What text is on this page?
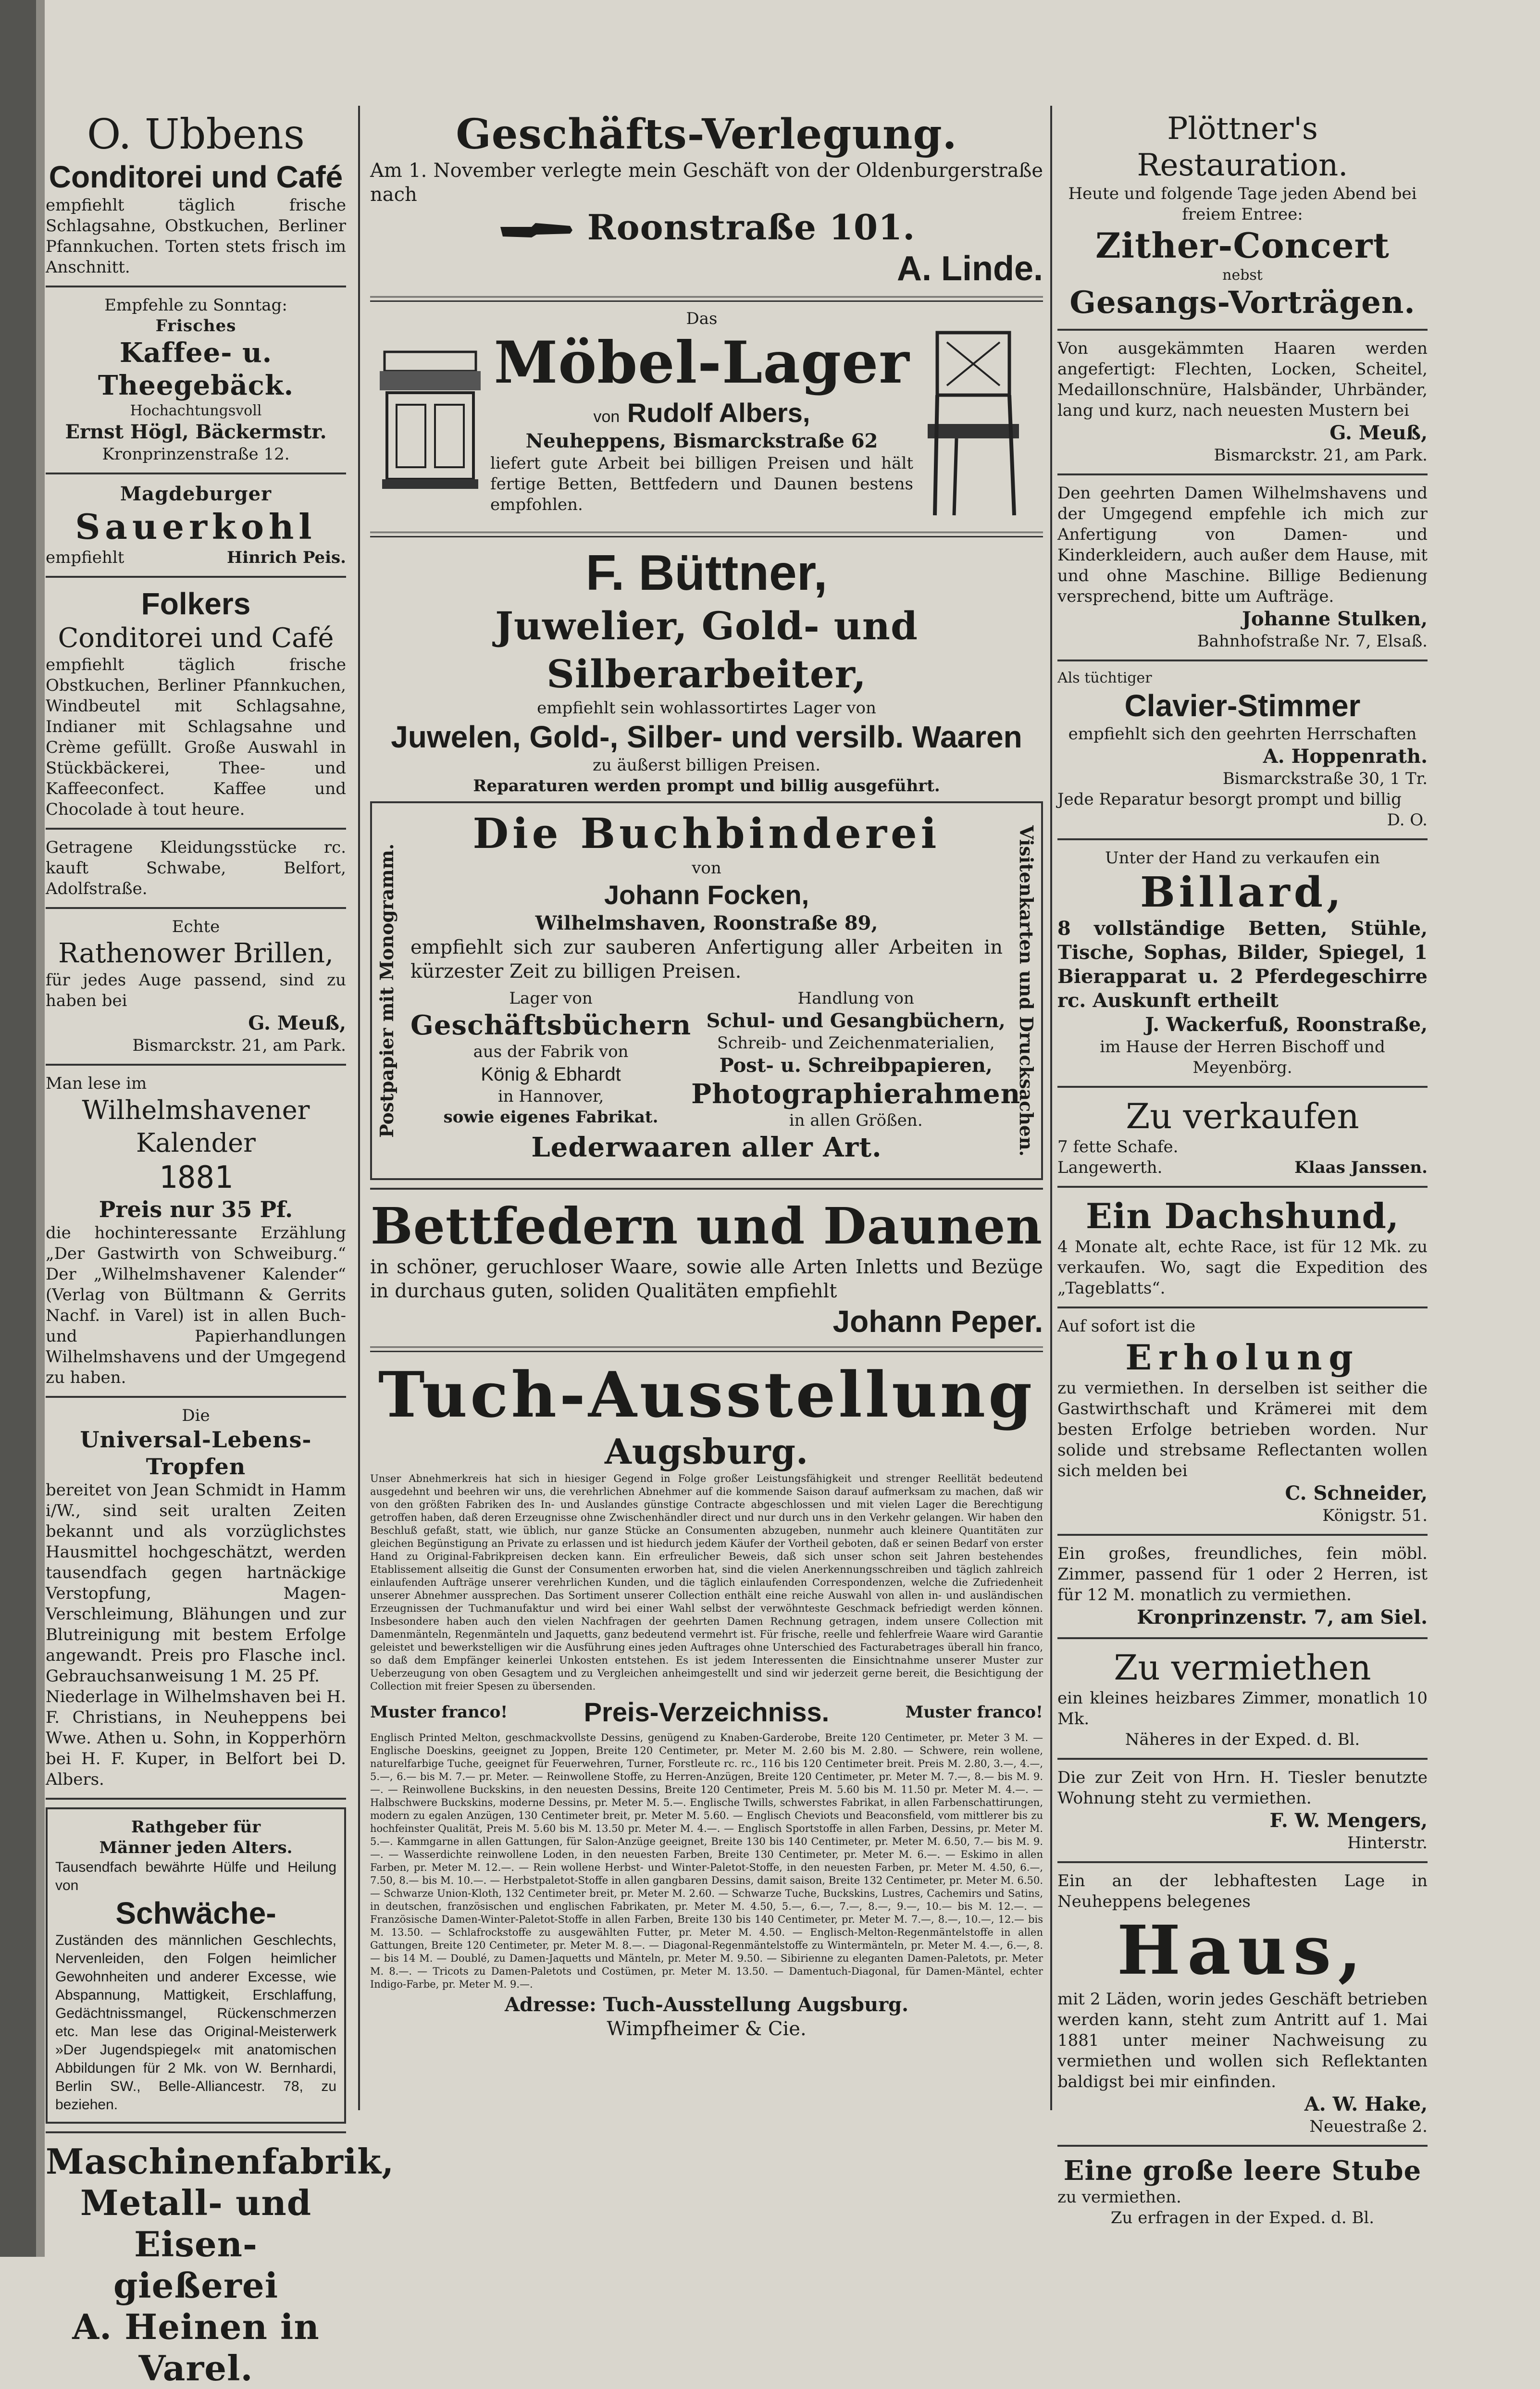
O. Ubbens
Conditorei und Café
empfiehlt täglich frische Schlagsahne, Obstkuchen, Berliner Pfannkuchen. Torten stets frisch im Anschnitt.
Empfehle zu Sonntag:
Frisches
Kaffee- u. Theegebäck.
Hochachtungsvoll
Ernst Högl, Bäckermstr.
Kronprinzenstraße 12.
Magdeburger
Sauerkohl
empfiehlt	Hinrich Peis.
Folkers
Conditorei und Café
empfiehlt täglich frische Obstkuchen, Berliner Pfannkuchen, Windbeutel mit Schlagsahne, Indianer mit Schlagsahne und Crème gefüllt. Große Auswahl in Stückbäckerei, Thee- und Kaffeeconfect. Kaffee und Chocolade à tout heure.
Getragene Kleidungsstücke rc. kauft Schwabe, Belfort, Adolfstraße.
Echte
Rathenower Brillen,
für jedes Auge passend, sind zu haben bei
G. Meuß,
Bismarckstr. 21, am Park.
Man lese im
Wilhelmshavener Kalender
1881
Preis nur 35 Pf.
die hochinteressante Erzählung „Der Gastwirth von Schweiburg.“ Der „Wilhelmshavener Kalender“ (Verlag von Bültmann & Gerrits Nachf. in Varel) ist in allen Buch- und Papierhandlungen Wilhelmshavens und der Umgegend zu haben.
Die
Universal-Lebens-Tropfen
bereitet von Jean Schmidt in Hamm i/W., sind seit uralten Zeiten bekannt und als vorzüglichstes Hausmittel hochgeschätzt, werden tausendfach gegen hartnäckige Verstopfung, Magen-Verschleimung, Blähungen und zur Blutreinigung mit bestem Erfolge angewandt. Preis pro Flasche incl. Gebrauchsanweisung 1 M. 25 Pf.
Niederlage in Wilhelmshaven bei H. F. Christians, in Neuheppens bei Wwe. Athen u. Sohn, in Kopperhörn bei H. F. Kuper, in Belfort bei D. Albers.
Rathgeber für
Männer jeden Alters.
Tausendfach bewährte Hülfe und Heilung von
Schwäche-
Zuständen des männlichen Geschlechts, Nervenleiden, den Folgen heimlicher Gewohnheiten und anderer Excesse, wie Abspannung, Mattigkeit, Erschlaffung, Gedächtnissmangel, Rückenschmerzen etc. Man lese das Original-Meisterwerk »Der Jugendspiegel« mit anatomischen Abbildungen für 2 Mk. von W. Bernhardi, Berlin SW., Belle-Alliancestr. 78, zu beziehen.
Maschinenfabrik,
Metall- und Eisen-
gießerei
A. Heinen in Varel.
Geschäfts-Verlegung.
Am 1. November verlegte mein Geschäft von der Oldenburgerstraße nach
Roonstraße 101.
A. Linde.
Das
Möbel-Lager
von Rudolf Albers,
Neuheppens, Bismarckstraße 62
liefert gute Arbeit bei billigen Preisen und hält fertige Betten, Bettfedern und Daunen bestens empfohlen.
F. Büttner,
Juwelier, Gold- und Silberarbeiter,
empfiehlt sein wohlassortirtes Lager von
Juwelen, Gold-, Silber- und versilb. Waaren
zu äußerst billigen Preisen.
Reparaturen werden prompt und billig ausgeführt.
Postpapier mit Monogramm.	Visitenkarten und Drucksachen.
Die Buchbinderei
von
Johann Focken,
Wilhelmshaven, Roonstraße 89,
empfiehlt sich zur sauberen Anfertigung aller Arbeiten in kürzester Zeit zu billigen Preisen.
Lager von
Geschäftsbüchern
aus der Fabrik von
König & Ebhardt
in Hannover,
sowie eigenes Fabrikat.
Handlung von
Schul- und Gesangbüchern,
Schreib- und Zeichenmaterialien,
Post- u. Schreibpapieren,
Photographierahmen
in allen Größen.
Lederwaaren aller Art.
Bettfedern und Daunen
in schöner, geruchloser Waare, sowie alle Arten Inletts und Bezüge in durchaus guten, soliden Qualitäten empfiehlt
Johann Peper.
Tuch-Ausstellung
Augsburg.
Unser Abnehmerkreis hat sich in hiesiger Gegend in Folge großer Leistungsfähigkeit und strenger Reellität bedeutend ausgedehnt und beehren wir uns, die verehrlichen Abnehmer auf die kommende Saison darauf aufmerksam zu machen, daß wir von den größten Fabriken des In- und Auslandes günstige Contracte abgeschlossen und mit vielen Lager die Berechtigung getroffen haben, daß deren Erzeugnisse ohne Zwischenhändler direct und nur durch uns in den Verkehr gelangen. Wir haben den Beschluß gefaßt, statt, wie üblich, nur ganze Stücke an Consumenten abzugeben, nunmehr auch kleinere Quantitäten zur gleichen Begünstigung an Private zu erlassen und ist hiedurch jedem Käufer der Vortheil geboten, daß er seinen Bedarf von erster Hand zu Original-Fabrikpreisen decken kann. Ein erfreulicher Beweis, daß sich unser schon seit Jahren bestehendes Etablissement allseitig die Gunst der Consumenten erworben hat, sind die vielen Anerkennungsschreiben und täglich zahlreich einlaufenden Aufträge unserer verehrlichen Kunden, und die täglich einlaufenden Correspondenzen, welche die Zufriedenheit unserer Abnehmer aussprechen. Das Sortiment unserer Collection enthält eine reiche Auswahl von allen in- und ausländischen Erzeugnissen der Tuchmanufaktur und wird bei einer Wahl selbst der verwöhnteste Geschmack befriedigt werden können. Insbesondere haben auch den vielen Nachfragen der geehrten Damen Rechnung getragen, indem unsere Collection mit Damenmänteln, Regenmänteln und Jaquetts, ganz bedeutend vermehrt ist. Für frische, reelle und fehlerfreie Waare wird Garantie geleistet und bewerkstelligen wir die Ausführung eines jeden Auftrages ohne Unterschied des Facturabetrages überall hin franco, so daß dem Empfänger keinerlei Unkosten entstehen. Es ist jedem Interessenten die Einsichtnahme unserer Muster zur Ueberzeugung von oben Gesagtem und zu Vergleichen anheimgestellt und sind wir jederzeit gerne bereit, die Besichtigung der Collection mit freier Spesen zu übersenden.
Muster franco!	Preis-Verzeichniss.	Muster franco!
Englisch Printed Melton, geschmackvollste Dessins, genügend zu Knaben-Garderobe, Breite 120 Centimeter, pr. Meter 3 M. — Englische Doeskins, geeignet zu Joppen, Breite 120 Centimeter, pr. Meter M. 2.60 bis M. 2.80. — Schwere, rein wollene, naturelfarbige Tuche, geeignet für Feuerwehren, Turner, Forstleute rc. rc., 116 bis 120 Centimeter breit. Preis M. 2.80, 3.—, 4.—, 5.—, 6.— bis M. 7.— pr. Meter. — Reinwollene Stoffe, zu Herren-Anzügen, Breite 120 Centimeter, pr. Meter M. 7.—, 8.— bis M. 9.—. — Reinwollene Buckskins, in den neuesten Dessins, Breite 120 Centimeter, Preis M. 5.60 bis M. 11.50 pr. Meter M. 4.—. — Halbschwere Buckskins, moderne Dessins, pr. Meter M. 5.—. Englische Twills, schwerstes Fabrikat, in allen Farbenschattirungen, modern zu egalen Anzügen, 130 Centimeter breit, pr. Meter M. 5.60. — Englisch Cheviots und Beaconsfield, vom mittlerer bis zu hochfeinster Qualität, Preis M. 5.60 bis M. 13.50 pr. Meter M. 4.—. — Englisch Sportstoffe in allen Farben, Dessins, pr. Meter M. 5.—. Kammgarne in allen Gattungen, für Salon-Anzüge geeignet, Breite 130 bis 140 Centimeter, pr. Meter M. 6.50, 7.— bis M. 9.—. — Wasserdichte reinwollene Loden, in den neuesten Farben, Breite 130 Centimeter, pr. Meter M. 6.—. — Eskimo in allen Farben, pr. Meter M. 12.—. — Rein wollene Herbst- und Winter-Paletot-Stoffe, in den neuesten Farben, pr. Meter M. 4.50, 6.—, 7.50, 8.— bis M. 10.—. — Herbstpaletot-Stoffe in allen gangbaren Dessins, damit saison, Breite 132 Centimeter, pr. Meter M. 6.50. — Schwarze Union-Kloth, 132 Centimeter breit, pr. Meter M. 2.60. — Schwarze Tuche, Buckskins, Lustres, Cachemirs und Satins, in deutschen, französischen und englischen Fabrikaten, pr. Meter M. 4.50, 5.—, 6.—, 7.—, 8.—, 9.—, 10.— bis M. 12.—. — Französische Damen-Winter-Paletot-Stoffe in allen Farben, Breite 130 bis 140 Centimeter, pr. Meter M. 7.—, 8.—, 10.—, 12.— bis M. 13.50. — Schlafrockstoffe zu ausgewählten Futter, pr. Meter M. 4.50. — Englisch-Melton-Regenmäntelstoffe in allen Gattungen, Breite 120 Centimeter, pr. Meter M. 8.—. — Diagonal-Regenmäntelstoffe zu Wintermänteln, pr. Meter M. 4.—, 6.—, 8.— bis 14 M. — Doublé, zu Damen-Jaquetts und Mänteln, pr. Meter M. 9.50. — Sibirienne zu eleganten Damen-Paletots, pr. Meter M. 8.—. — Tricots zu Damen-Paletots und Costümen, pr. Meter M. 13.50. — Damentuch-Diagonal, für Damen-Mäntel, echter Indigo-Farbe, pr. Meter M. 9.—.
Adresse: Tuch-Ausstellung Augsburg.
Wimpfheimer & Cie.
Plöttner's Restauration.
Heute und folgende Tage jeden Abend bei freiem Entree:
Zither-Concert
nebst
Gesangs-Vorträgen.
Von ausgekämmten Haaren werden angefertigt: Flechten, Locken, Scheitel, Medaillonschnüre, Halsbänder, Uhrbänder, lang und kurz, nach neuesten Mustern bei
G. Meuß,
Bismarckstr. 21, am Park.
Den geehrten Damen Wilhelmshavens und der Umgegend empfehle ich mich zur Anfertigung von Damen- und Kinderkleidern, auch außer dem Hause, mit und ohne Maschine. Billige Bedienung versprechend, bitte um Aufträge.
Johanne Stulken,
Bahnhofstraße Nr. 7, Elsaß.
Als tüchtiger
Clavier-Stimmer
empfiehlt sich den geehrten Herrschaften
A. Hoppenrath.
Bismarckstraße 30, 1 Tr.
Jede Reparatur besorgt prompt und billig
D. O.
Unter der Hand zu verkaufen ein
Billard,
8 vollständige Betten, Stühle, Tische, Sophas, Bilder, Spiegel, 1 Bierapparat u. 2 Pferdegeschirre rc. Auskunft ertheilt
J. Wackerfuß, Roonstraße,
im Hause der Herren Bischoff und Meyenbörg.
Zu verkaufen
7 fette Schafe.
Langewerth.	Klaas Janssen.
Ein Dachshund,
4 Monate alt, echte Race, ist für 12 Mk. zu verkaufen. Wo, sagt die Expedition des „Tageblatts“.
Auf sofort ist die
Erholung
zu vermiethen. In derselben ist seither die Gastwirthschaft und Krämerei mit dem besten Erfolge betrieben worden. Nur solide und strebsame Reflectanten wollen sich melden bei
C. Schneider,
Königstr. 51.
Ein großes, freundliches, fein möbl. Zimmer, passend für 1 oder 2 Herren, ist für 12 M. monatlich zu vermiethen.
Kronprinzenstr. 7, am Siel.
Zu vermiethen
ein kleines heizbares Zimmer, monatlich 10 Mk.
Näheres in der Exped. d. Bl.
Die zur Zeit von Hrn. H. Tiesler benutzte Wohnung steht zu vermiethen.
F. W. Mengers,
Hinterstr.
Ein an der lebhaftesten Lage in Neuheppens belegenes
Haus,
mit 2 Läden, worin jedes Geschäft betrieben werden kann, steht zum Antritt auf 1. Mai 1881 unter meiner Nachweisung zu vermiethen und wollen sich Reflektanten baldigst bei mir einfinden.
A. W. Hake,
Neuestraße 2.
Eine große leere Stube
zu vermiethen.
Zu erfragen in der Exped. d. Bl.
